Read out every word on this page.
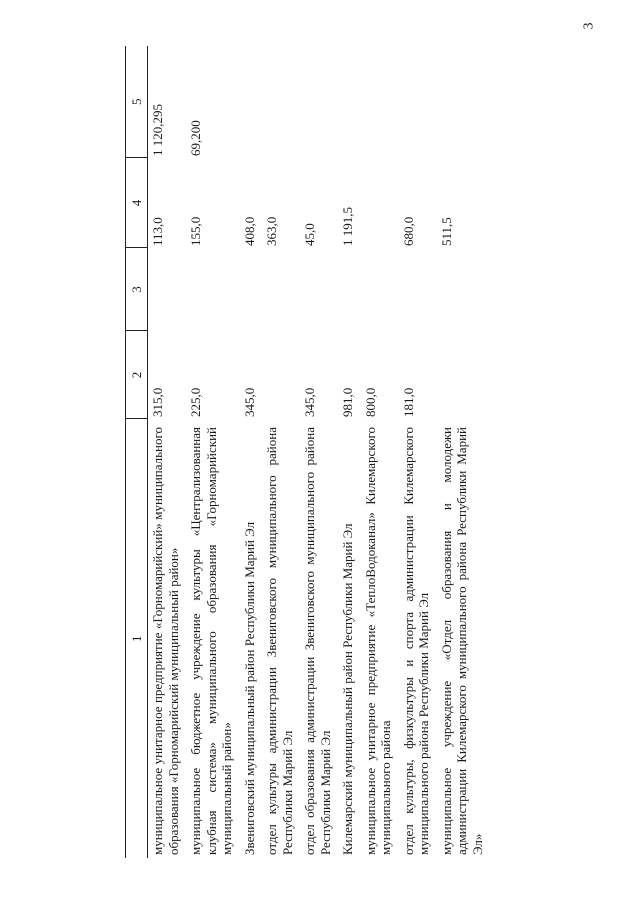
3
1	2	3	4	5
муниципальное унитарное предприятие «Горномарийский» муниципального образования «Горномарийский муниципальный район»	315,0		113,0	1 120,295
муниципальное бюджетное учреждение культуры «Централизованная клубная система» муниципального образования «Горномарийский муниципальный район»	225,0		155,0	69,200
Звениговский муниципальный район Республики Марий Эл	345,0		408,0	
отдел культуры администрации Звениговского муниципального района Республики Марий Эл			363,0	
отдел образования администрации Звениговского муниципального района Республики Марий Эл	345,0		45,0	
Килемарский муниципальный район Республики Марий Эл	981,0		1 191,5	
муниципальное унитарное предприятие «ТеплоВодоканал» Килемарского муниципального района	800,0			
отдел культуры, физкультуры и спорта администрации Килемарского муниципального района Республики Марий Эл	181,0		680,0	
муниципальное учреждение «Отдел образования и молодежи администрации Килемарского муниципального района Республики Марий Эл»			511,5	
